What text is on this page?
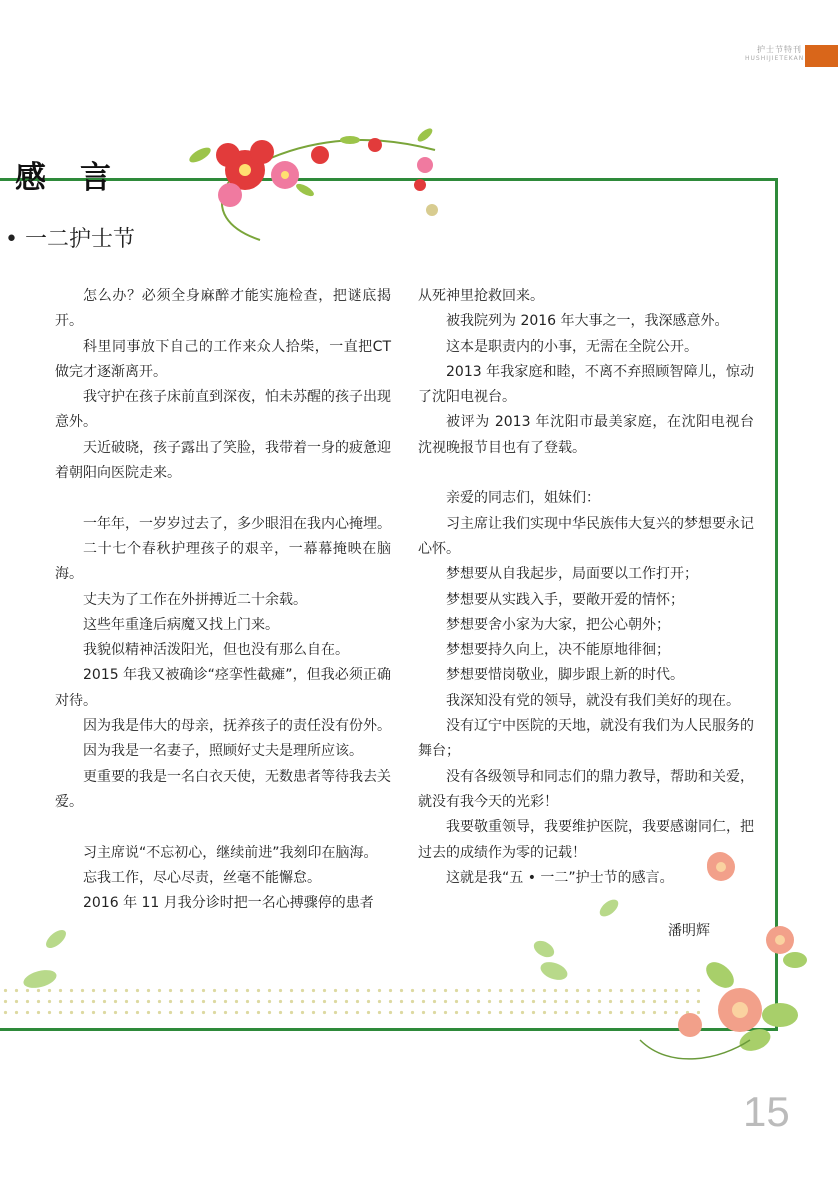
护士节特刊
HUSHIJIETEKAN
感言
• 一二护士节

怎么办？必须全身麻醉才能实施检查，把谜底揭开。

科里同事放下自己的工作来众人拾柴，一直把CT做完才逐渐离开。

我守护在孩子床前直到深夜，怕未苏醒的孩子出现意外。

天近破晓，孩子露出了笑脸，我带着一身的疲惫迎着朝阳向医院走来。

一年年，一岁岁过去了，多少眼泪在我内心掩埋。

二十七个春秋护理孩子的艰辛，一幕幕掩映在脑海。

丈夫为了工作在外拼搏近二十余载。

这些年重逢后病魔又找上门来。

我貌似精神活泼阳光，但也没有那么自在。

2015 年我又被确诊“痉挛性截瘫”，但我必须正确对待。

因为我是伟大的母亲，抚养孩子的责任没有份外。

因为我是一名妻子，照顾好丈夫是理所应该。

更重要的我是一名白衣天使，无数患者等待我去关爱。

习主席说“不忘初心，继续前进”我刻印在脑海。

忘我工作，尽心尽责，丝毫不能懈怠。

2016 年 11 月我分诊时把一名心搏骤停的患者

从死神里抢救回来。

被我院列为 2016 年大事之一，我深感意外。

这本是职责内的小事，无需在全院公开。

2013 年我家庭和睦，不离不弃照顾智障儿，惊动了沈阳电视台。

被评为 2013 年沈阳市最美家庭，在沈阳电视台沈视晚报节目也有了登载。

亲爱的同志们，姐妹们：

习主席让我们实现中华民族伟大复兴的梦想要永记心怀。

梦想要从自我起步，局面要以工作打开；

梦想要从实践入手，要敞开爱的情怀；

梦想要舍小家为大家，把公心朝外；

梦想要持久向上，决不能原地徘徊；

梦想要惜岗敬业，脚步跟上新的时代。

我深知没有党的领导，就没有我们美好的现在。

没有辽宁中医院的天地，就没有我们为人民服务的舞台；

没有各级领导和同志们的鼎力教导，帮助和关爱，就没有我今天的光彩！

我要敬重领导，我要维护医院，我要感谢同仁，把过去的成绩作为零的记载！

这就是我“五 • 一二”护士节的感言。

潘明辉
15
